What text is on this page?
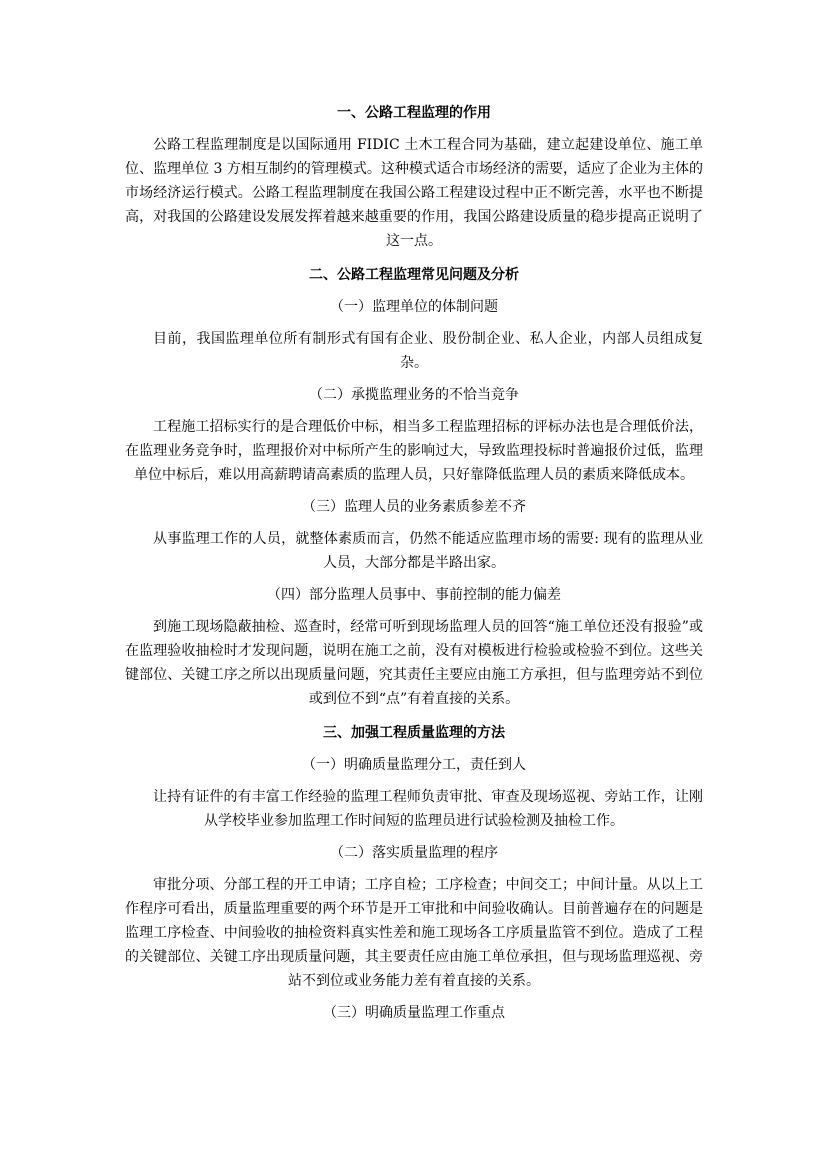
一、公路工程监理的作用

公路工程监理制度是以国际通用 FIDIC 土木工程合同为基础，建立起建设单位、施工单位、监理单位 3 方相互制约的管理模式。这种模式适合市场经济的需要，适应了企业为主体的市场经济运行模式。公路工程监理制度在我国公路工程建设过程中正不断完善，水平也不断提高，对我国的公路建设发展发挥着越来越重要的作用，我国公路建设质量的稳步提高正说明了这一点。

二、公路工程监理常见问题及分析
（一）监理单位的体制问题

目前，我国监理单位所有制形式有国有企业、股份制企业、私人企业，内部人员组成复杂。

（二）承揽监理业务的不恰当竞争

工程施工招标实行的是合理低价中标，相当多工程监理招标的评标办法也是合理低价法，在监理业务竞争时，监理报价对中标所产生的影响过大，导致监理投标时普遍报价过低，监理单位中标后，难以用高薪聘请高素质的监理人员，只好靠降低监理人员的素质来降低成本。

（三）监理人员的业务素质参差不齐

从事监理工作的人员，就整体素质而言，仍然不能适应监理市场的需要: 现有的监理从业人员，大部分都是半路出家。

（四）部分监理人员事中、事前控制的能力偏差

到施工现场隐蔽抽检、巡查时，经常可听到现场监理人员的回答“施工单位还没有报验”或在监理验收抽检时才发现问题，说明在施工之前，没有对模板进行检验或检验不到位。这些关键部位、关键工序之所以出现质量问题，究其责任主要应由施工方承担，但与监理旁站不到位或到位不到“点”有着直接的关系。

三、加强工程质量监理的方法
（一）明确质量监理分工，责任到人

让持有证件的有丰富工作经验的监理工程师负责审批、审查及现场巡视、旁站工作，让刚从学校毕业参加监理工作时间短的监理员进行试验检测及抽检工作。

（二）落实质量监理的程序

审批分项、分部工程的开工申请；工序自检；工序检查；中间交工；中间计量。从以上工作程序可看出，质量监理重要的两个环节是开工审批和中间验收确认。目前普遍存在的问题是监理工序检查、中间验收的抽检资料真实性差和施工现场各工序质量监管不到位。造成了工程的关键部位、关键工序出现质量问题，其主要责任应由施工单位承担，但与现场监理巡视、旁站不到位或业务能力差有着直接的关系。

（三）明确质量监理工作重点
